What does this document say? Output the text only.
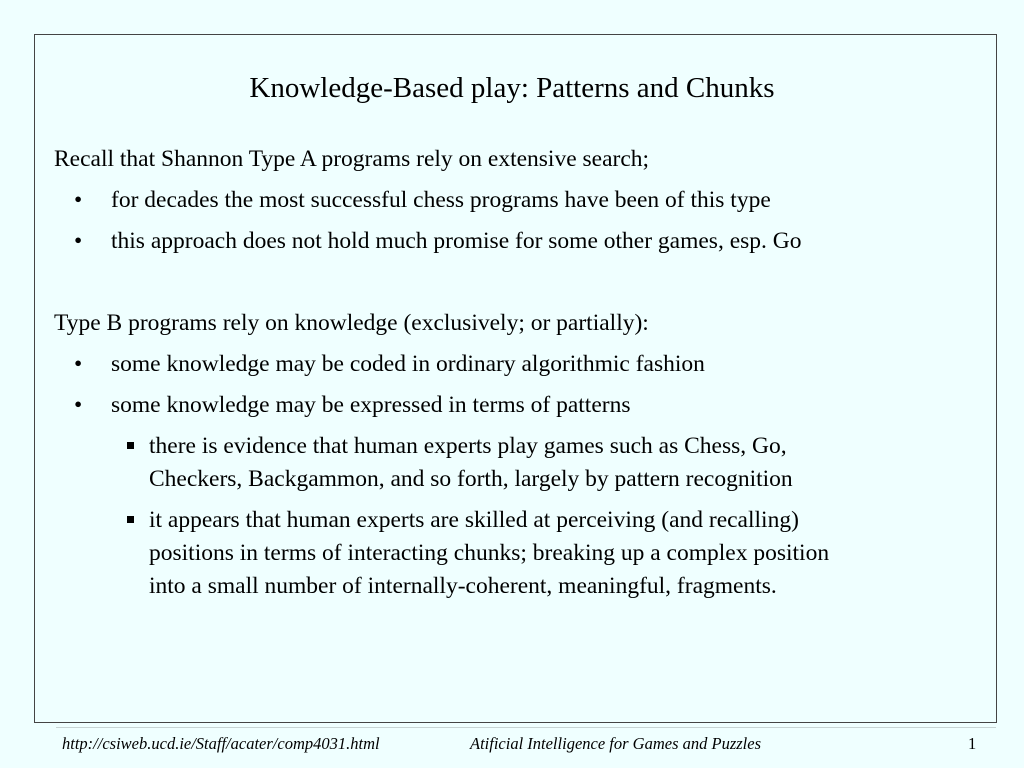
Knowledge-Based play: Patterns and Chunks

Recall that Shannon Type A programs rely on extensive search;

• for decades the most successful chess programs have been of this type
• this approach does not hold much promise for some other games, esp. Go

Type B programs rely on knowledge (exclusively; or partially):

• some knowledge may be coded in ordinary algorithmic fashion
• some knowledge may be expressed in terms of patterns
there is evidence that human experts play games such as Chess, Go,
Checkers, Backgammon, and so forth, largely by pattern recognition
it appears that human experts are skilled at perceiving (and recalling)
positions in terms of interacting chunks; breaking up a complex position
into a small number of internally-coherent, meaningful, fragments.
http://csiweb.ucd.ie/Staff/acater/comp4031.html	Atificial Intelligence for Games and Puzzles	1
